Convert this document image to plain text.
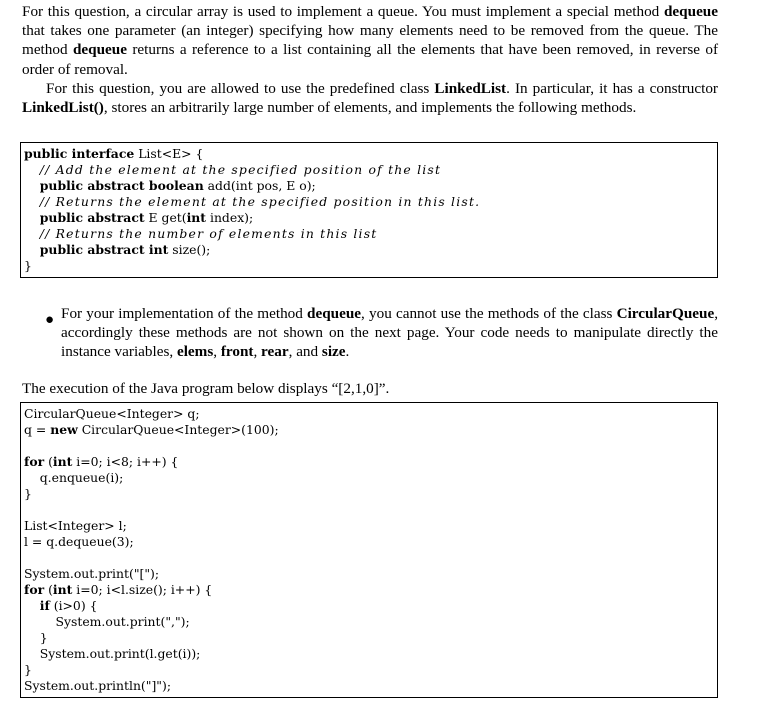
For this question, a circular array is used to implement a queue. You must implement a special method dequeue that takes one parameter (an integer) specifying how many elements need to be removed from the queue. The method dequeue returns a reference to a list containing all the elements that have been removed, in reverse of order of removal.

For this question, you are allowed to use the predefined class LinkedList. In particular, it has a constructor LinkedList(), stores an arbitrarily large number of elements, and implements the following methods.

public interface List<E> {
// Add the element at the specified position of the list
public abstract boolean add(int pos, E o);
// Returns the element at the specified position in this list.
public abstract E get(int index);
// Returns the number of elements in this list
public abstract int size();
}
● For your implementation of the method dequeue, you cannot use the methods of the class CircularQueue, accordingly these methods are not shown on the next page. Your code needs to manipulate directly the instance variables, elems, front, rear, and size.

The execution of the Java program below displays “[2,1,0]”.

CircularQueue<Integer> q;
q = new CircularQueue<Integer>(100);

for (int i=0; i<8; i++) {
q.enqueue(i);
}

List<Integer> l;
l = q.dequeue(3);

System.out.print("[");
for (int i=0; i<l.size(); i++) {
if (i>0) {
System.out.print(",");
}
System.out.print(l.get(i));
}
System.out.println("]");
